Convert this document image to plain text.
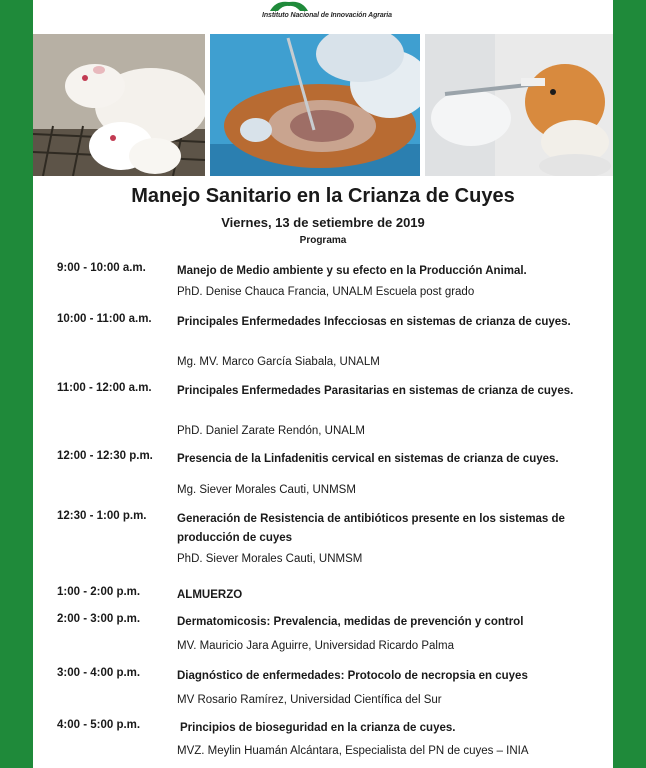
Instituto Nacional de Innovación Agraria
Manejo Sanitario en la Crianza de Cuyes

Viernes, 13 de setiembre de 2019

Programa

9:00 - 10:00 a.m.	Manejo de Medio ambiente y su efecto en la Producción Animal.
PhD. Denise Chauca Francia, UNALM Escuela post grado
10:00 - 11:00 a.m.	Principales Enfermedades Infecciosas en sistemas de crianza de cuyes.
Mg. MV. Marco García Siabala, UNALM
11:00 - 12:00 a.m.	Principales Enfermedades Parasitarias en sistemas de crianza de cuyes.
PhD. Daniel Zarate Rendón, UNALM
12:00 - 12:30 p.m.	Presencia de la Linfadenitis cervical en sistemas de crianza de cuyes.
Mg. Siever Morales Cauti, UNMSM
12:30 - 1:00 p.m.	Generación de Resistencia de antibióticos presente en los sistemas de producción de cuyes
PhD. Siever Morales Cauti, UNMSM
1:00 - 2:00 p.m.	ALMUERZO
2:00 - 3:00 p.m.	Dermatomicosis: Prevalencia, medidas de prevención y control
MV. Mauricio Jara Aguirre, Universidad Ricardo Palma
3:00 - 4:00 p.m.	Diagnóstico de enfermedades: Protocolo de necropsia en cuyes
MV Rosario Ramírez, Universidad Científica del Sur
4:00 - 5:00 p.m.	Principios de bioseguridad en la crianza de cuyes.
MVZ. Meylin Huamán Alcántara, Especialista del PN de cuyes – INIA
